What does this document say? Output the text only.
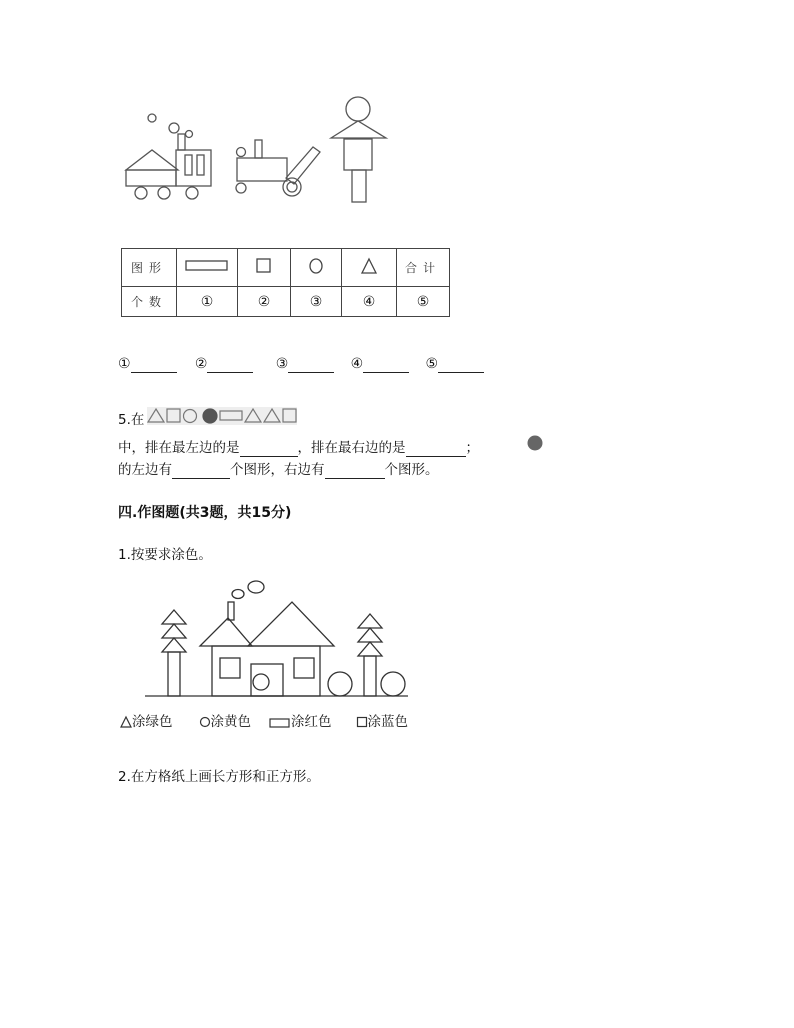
图形					合计
个数	①	②	③	④	⑤
①	②	③	④	⑤
5.在
中，排在最左边的是	，排在最右边的是	；
的左边有	个图形，右边有	个图形。
四.作图题(共3题，共15分)
1.按要求涂色。
涂绿色	涂黄色	涂红色	涂蓝色
2.在方格纸上画长方形和正方形。
